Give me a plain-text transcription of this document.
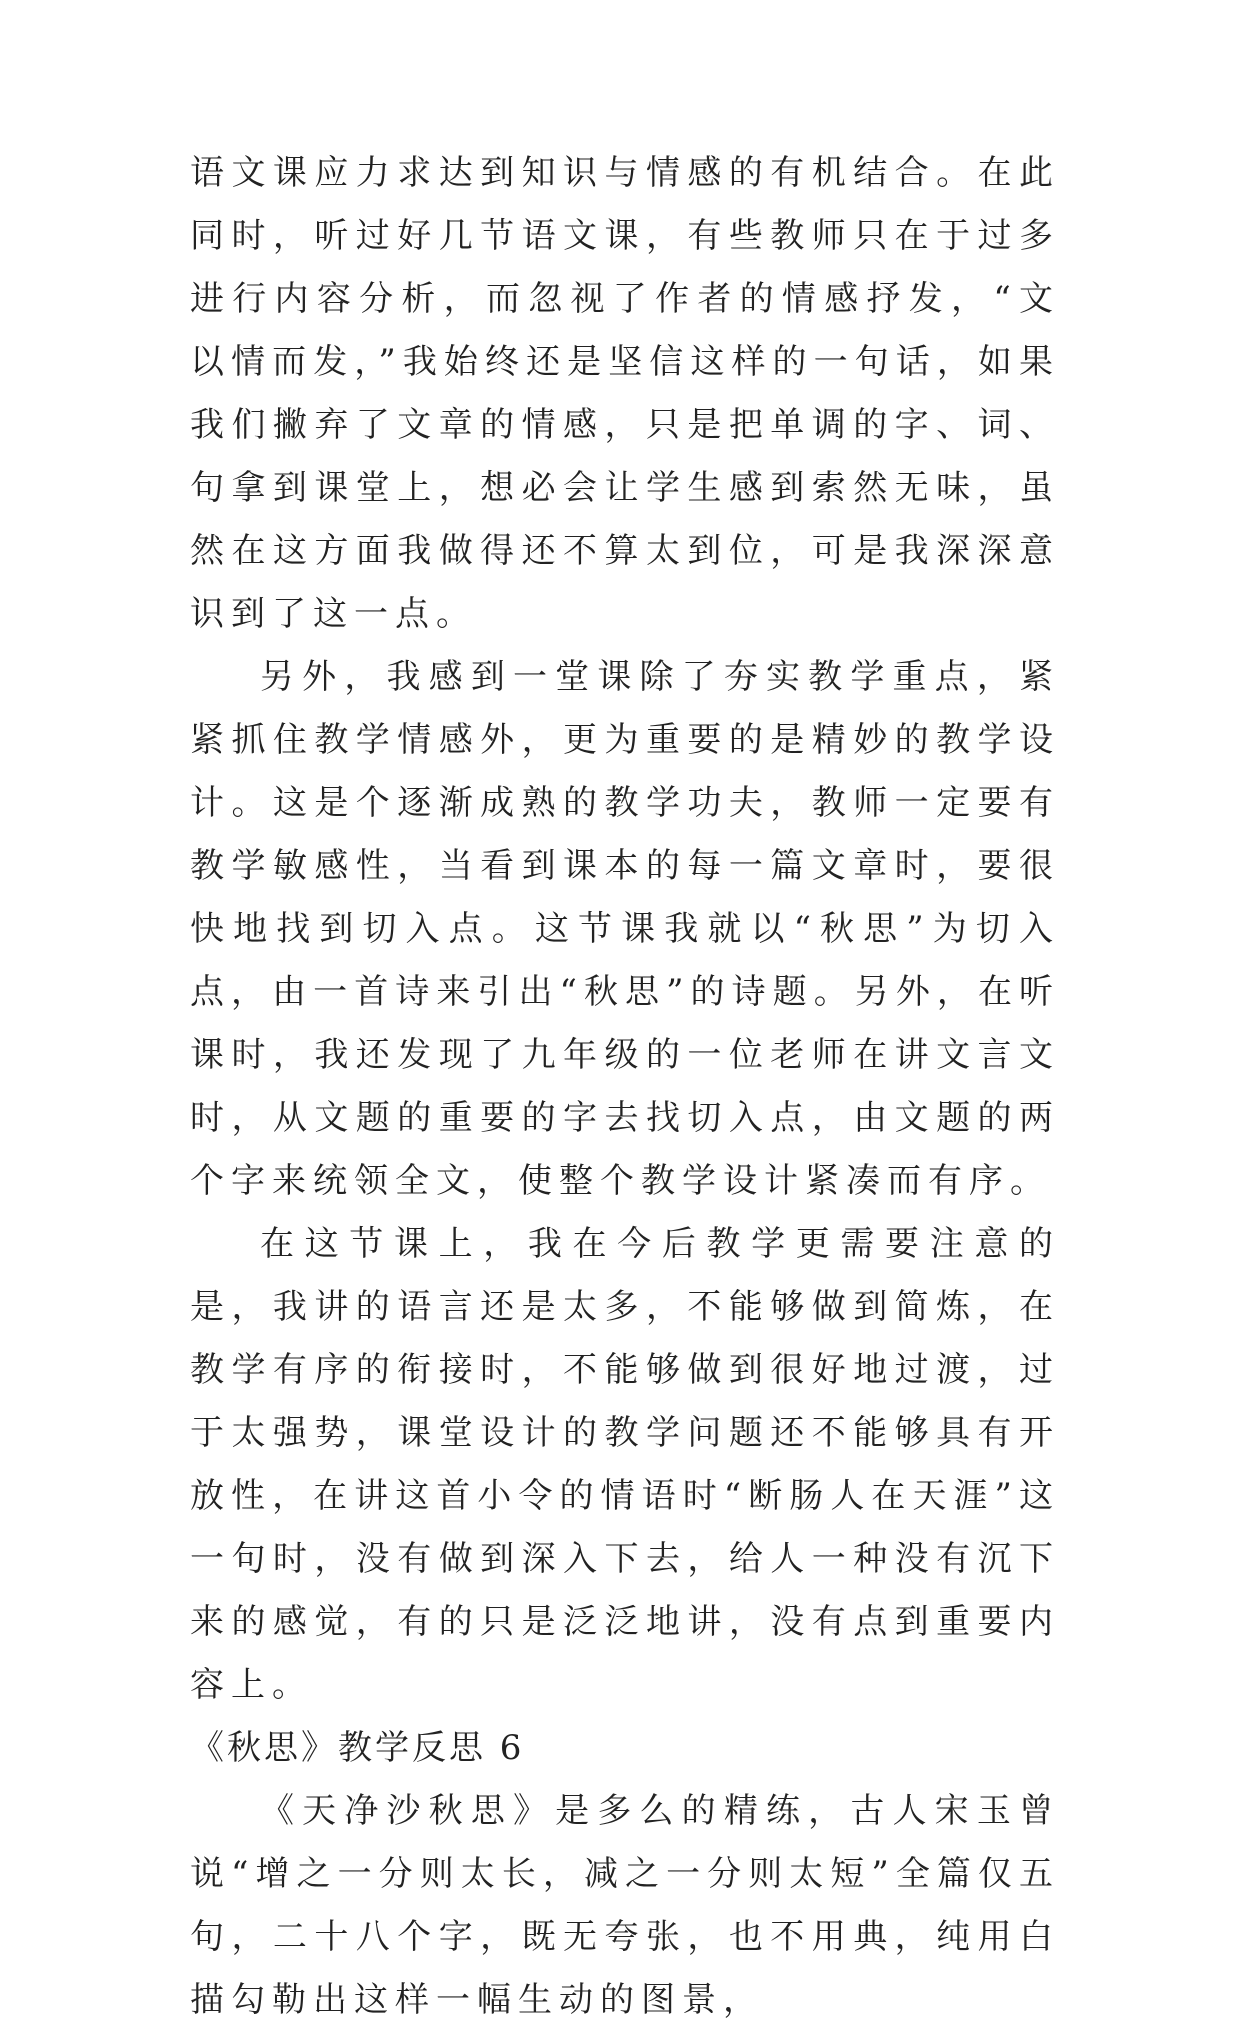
语文课应力求达到知识与情感的有机结合。在此同时，听过好几节语文课，有些教师只在于过多进行内容分析，而忽视了作者的情感抒发，“文以情而发，”我始终还是坚信这样的一句话，如果我们撇弃了文章的情感，只是把单调的字、词、句拿到课堂上，想必会让学生感到索然无味，虽然在这方面我做得还不算太到位，可是我深深意识到了这一点。

另外，我感到一堂课除了夯实教学重点，紧紧抓住教学情感外，更为重要的是精妙的教学设计。这是个逐渐成熟的教学功夫，教师一定要有教学敏感性，当看到课本的每一篇文章时，要很快地找到切入点。这节课我就以“秋思”为切入点，由一首诗来引出“秋思”的诗题。另外，在听课时，我还发现了九年级的一位老师在讲文言文时，从文题的重要的字去找切入点，由文题的两个字来统领全文，使整个教学设计紧凑而有序。

在这节课上，我在今后教学更需要注意的是，我讲的语言还是太多，不能够做到简炼，在教学有序的衔接时，不能够做到很好地过渡，过于太强势，课堂设计的教学问题还不能够具有开放性，在讲这首小令的情语时“断肠人在天涯”这一句时，没有做到深入下去，给人一种没有沉下来的感觉，有的只是泛泛地讲，没有点到重要内容上。

《秋思》教学反思 6

《天净沙秋思》是多么的精练，古人宋玉曾说“增之一分则太长，减之一分则太短”全篇仅五句，二十八个字，既无夸张，也不用典，纯用白描勾勒出这样一幅生动的图景，
